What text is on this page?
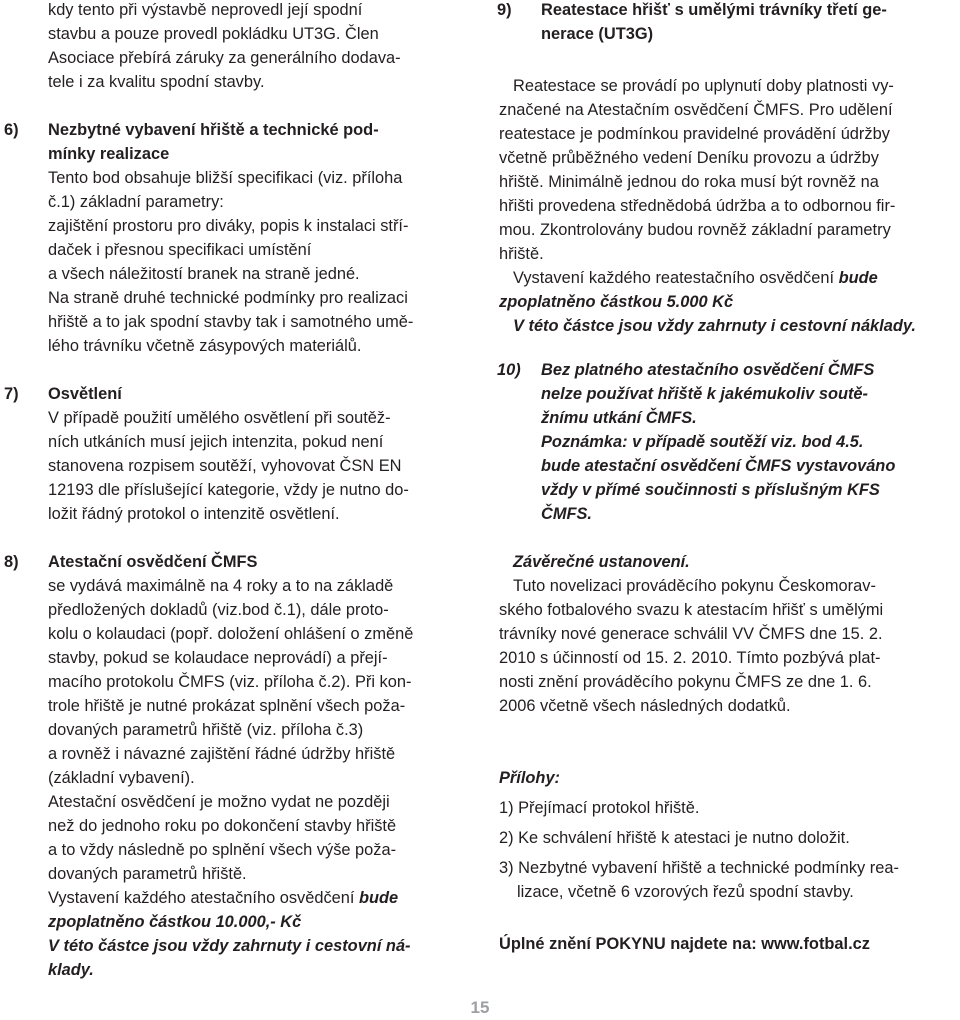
kdy tento při výstavbě neprovedl její spodní
stavbu a pouze provedl pokládku UT3G. Člen
Asociace přebírá záruky za generálního dodava-
tele i za kvalitu spodní stavby.
6) Nezbytné vybavení hřiště a technické pod-
mínky realizace
Tento bod obsahuje bližší specifikaci (viz. příloha
č.1) základní parametry:
zajištění prostoru pro diváky, popis k instalaci stří-
daček i přesnou specifikaci umístění
a všech náležitostí branek na straně jedné.
Na straně druhé technické podmínky pro realizaci
hřiště a to jak spodní stavby tak i samotného umě-
lého trávníku včetně zásypových materiálů.
7) Osvětlení
V případě použití umělého osvětlení při soutěž-
ních utkáních musí jejich intenzita, pokud není
stanovena rozpisem soutěží, vyhovovat ČSN EN
12193 dle příslušející kategorie, vždy je nutno do-
ložit řádný protokol o intenzitě osvětlení.
8) Atestační osvědčení ČMFS
se vydává maximálně na 4 roky a to na základě
předložených dokladů (viz.bod č.1), dále proto-
kolu o kolaudaci (popř. doložení ohlášení o změně
stavby, pokud se kolaudace neprovádí) a přejí-
macího protokolu ČMFS (viz. příloha č.2). Při kon-
trole hřiště je nutné prokázat splnění všech poža-
dovaných parametrů hřiště (viz. příloha č.3)
a rovněž i návazné zajištění řádné údržby hřiště
(základní vybavení).
Atestační osvědčení je možno vydat ne později
než do jednoho roku po dokončení stavby hřiště
a to vždy následně po splnění všech výše poža-
dovaných parametrů hřiště.
Vystavení každého atestačního osvědčení bude
zpoplatněno částkou 10.000,- Kč
V této částce jsou vždy zahrnuty i cestovní ná-
klady.
9) Reatestace hřišť s umělými trávníky třetí ge-
nerace (UT3G)
Reatestace se provádí po uplynutí doby platnosti vy-
značené na Atestačním osvědčení ČMFS. Pro udělení
reatestace je podmínkou pravidelné provádění údržby
včetně průběžného vedení Deníku provozu a údržby
hřiště. Minimálně jednou do roka musí být rovněž na
hřišti provedena střednědobá údržba a to odbornou fir-
mou. Zkontrolovány budou rovněž základní parametry
hřiště.
Vystavení každého reatestačního osvědčení bude
zpoplatněno částkou 5.000 Kč
V této částce jsou vždy zahrnuty i cestovní náklady.
10) Bez platného atestačního osvědčení ČMFS
nelze používat hřiště k jakémukoliv soutě-
žnímu utkání ČMFS.
Poznámka: v případě soutěží viz. bod 4.5.
bude atestační osvědčení ČMFS vystavováno
vždy v přímé součinnosti s příslušným KFS
ČMFS.
Závěrečné ustanovení.
Tuto novelizaci prováděcího pokynu Českomorav-
ského fotbalového svazu k atestacím hřišť s umělými
trávníky nové generace schválil VV ČMFS dne 15. 2.
2010 s účinností od 15. 2. 2010. Tímto pozbývá plat-
nosti znění prováděcího pokynu ČMFS ze dne 1. 6.
2006 včetně všech následných dodatků.
Přílohy:
1) Přejímací protokol hřiště.
2) Ke schválení hřiště k atestaci je nutno doložit.
3) Nezbytné vybavení hřiště a technické podmínky rea-
lizace, včetně 6 vzorových řezů spodní stavby.
Úplné znění POKYNU najdete na: www.fotbal.cz
15
